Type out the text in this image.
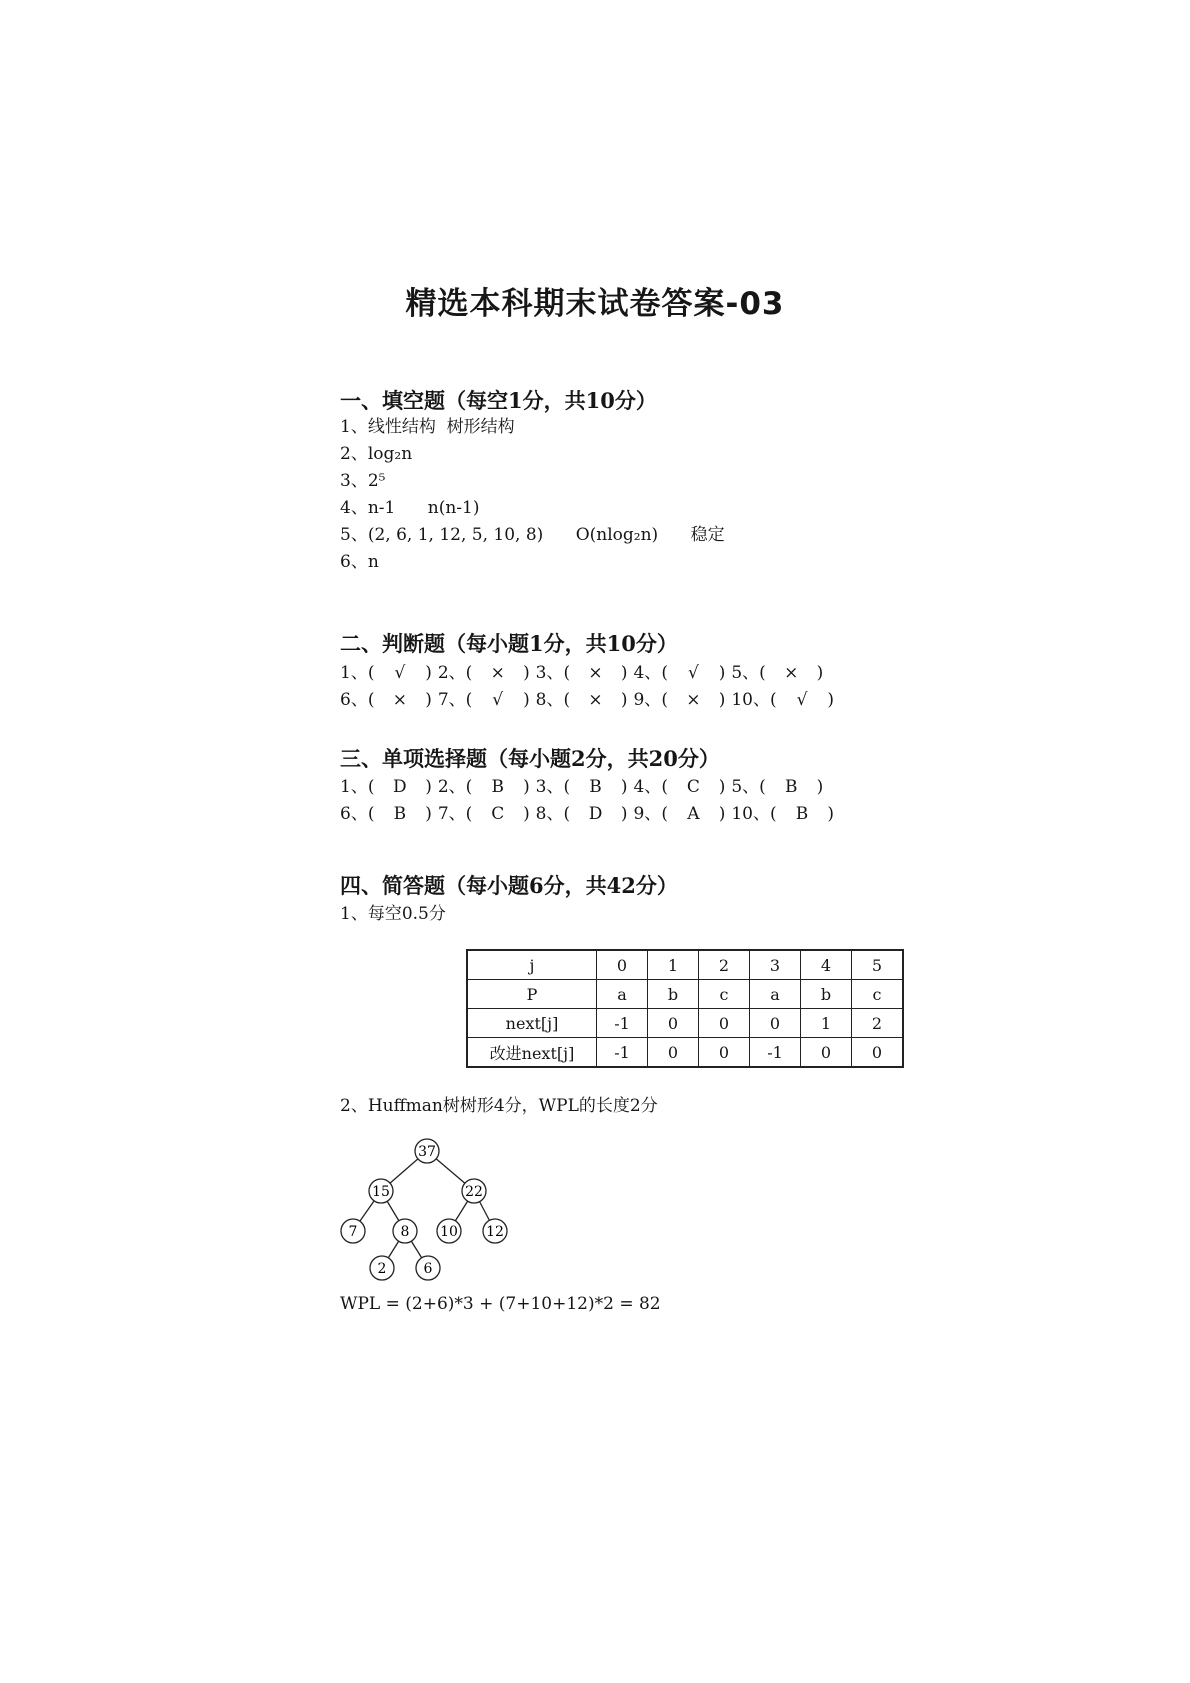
精选本科期末试卷答案-03
一、填空题（每空1分，共10分）
1、线性结构  树形结构
2、log₂n
3、2⁵
4、n-1      n(n-1)
5、(2, 6, 1, 12, 5, 10, 8)      O(nlog₂n)      稳定
6、n
二、判断题（每小题1分，共10分）
1、( √ ) 2、( × ) 3、( × ) 4、( √ ) 5、( × )
6、( × ) 7、( √ ) 8、( × ) 9、( × ) 10、( √ )
三、单项选择题（每小题2分，共20分）
1、( D ) 2、( B ) 3、( B ) 4、( C ) 5、( B )
6、( B ) 7、( C ) 8、( D ) 9、( A ) 10、( B )
四、简答题（每小题6分，共42分）
1、每空0.5分
j	0	1	2	3	4	5
P	a	b	c	a	b	c
next[j]	-1	0	0	0	1	2
改进next[j]	-1	0	0	-1	0	0
2、Huffman树树形4分，WPL的长度2分
37
15	22
7	8 10 12
2	6
WPL = (2+6)*3 + (7+10+12)*2 = 82
